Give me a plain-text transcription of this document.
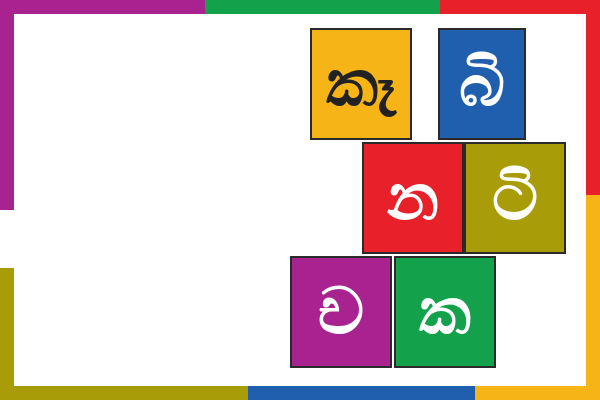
කෑ බි
න ටි
ච ක
